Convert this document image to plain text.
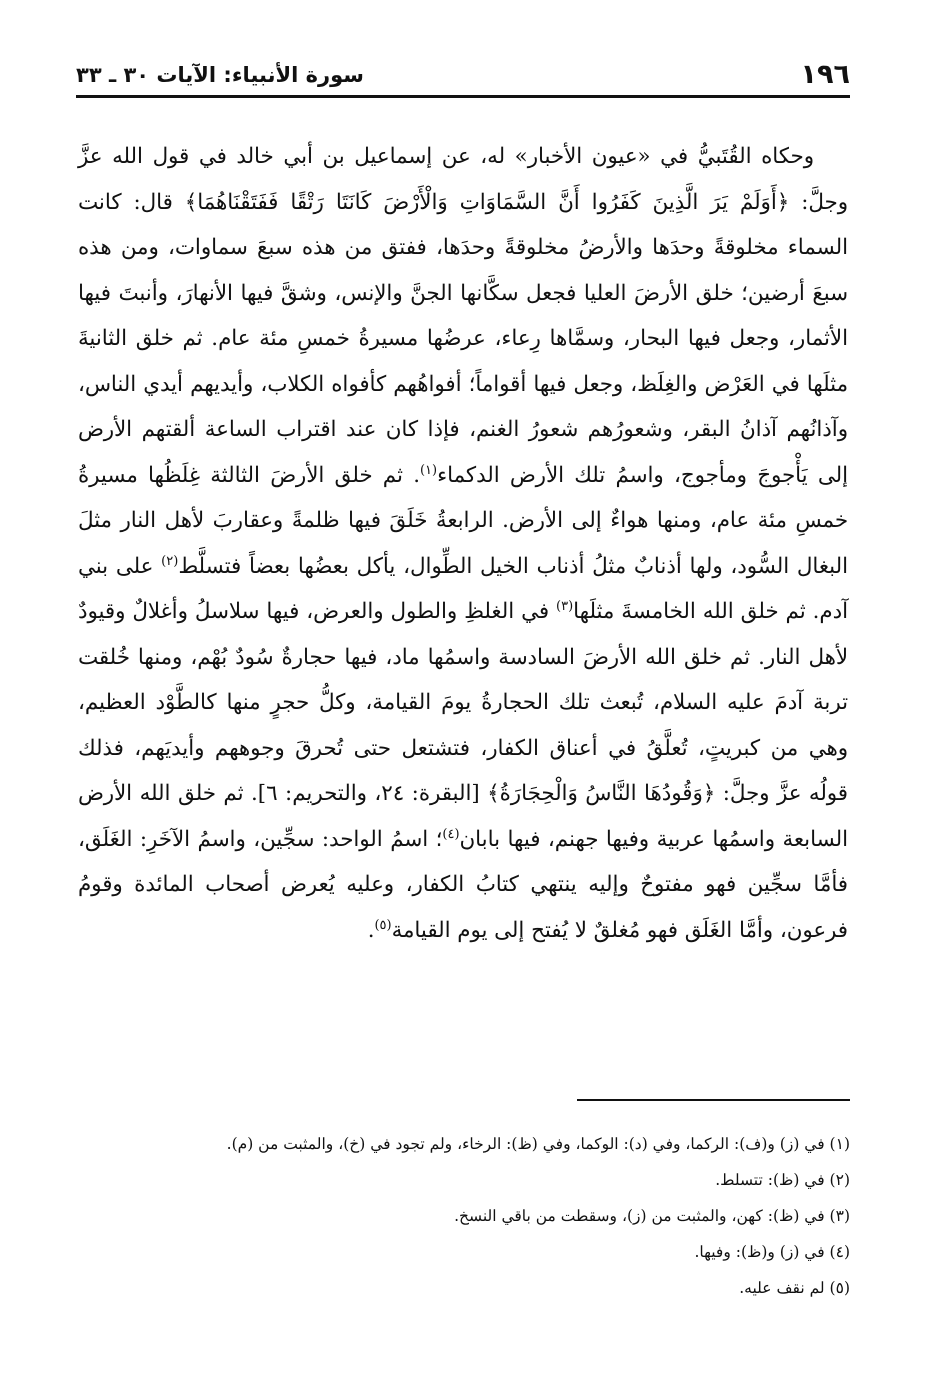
١٩٦
سورة الأنبياء: الآيات ٣٠ ـ ٣٣

وحكاه القُتَبيُّ في «عيون الأخبار» له، عن إسماعيل بن أبي خالد في قول الله عزَّ وجلَّ: ﴿أَوَلَمْ يَرَ الَّذِينَ كَفَرُوا أَنَّ السَّمَاوَاتِ وَالْأَرْضَ كَانَتَا رَتْقًا فَفَتَقْنَاهُمَا﴾ قال: كانت السماء مخلوقةً وحدَها والأرضُ مخلوقةً وحدَها، ففتق من هذه سبعَ سماوات، ومن هذه سبعَ أرضين؛ خلق الأرضَ العليا فجعل سكَّانها الجنَّ والإنس، وشقَّ فيها الأنهارَ، وأنبتَ فيها الأثمار، وجعل فيها البحار، وسمَّاها رِعاء، عرضُها مسيرةُ خمسِ مئة عام. ثم خلق الثانيةَ مثلَها في العَرْض والغِلَظ، وجعل فيها أقواماً؛ أفواهُهم كأفواه الكلاب، وأيديهم أيدي الناس، وآذانُهم آذانُ البقر، وشعورُهم شعورُ الغنم، فإذا كان عند اقتراب الساعة ألقتهم الأرض إلى يَأْجوجَ ومأجوج، واسمُ تلك الأرض الدكماء$^{(١)}$. ثم خلق الأرضَ الثالثة غِلَظُها مسيرةُ خمسِ مئة عام، ومنها هواءٌ إلى الأرض. الرابعةُ خَلَقَ فيها ظلمةً وعقاربَ لأهل النار مثلَ البغال السُّود، ولها أذنابٌ مثلُ أذناب الخيل الطِّوال، يأكل بعضُها بعضاً فتسلَّط$^{(٢)}$ على بني آدم. ثم خلق الله الخامسةَ مثلَها$^{(٣)}$ في الغلظِ والطول والعرض، فيها سلاسلُ وأغلالٌ وقيودٌ لأهل النار. ثم خلق الله الأرضَ السادسة واسمُها ماد، فيها حجارةٌ سُودٌ بُهْم، ومنها خُلقت تربة آدمَ عليه السلام، تُبعث تلك الحجارةُ يومَ القيامة، وكلُّ حجرٍ منها كالطَّوْد العظيم، وهي من كبريتٍ، تُعلَّقُ في أعناق الكفار، فتشتعل حتى تُحرقَ وجوههم وأيديَهم، فذلك قولُه عزَّ وجلَّ: ﴿وَقُودُهَا النَّاسُ وَالْحِجَارَةُ﴾ [البقرة: ٢٤، والتحريم: ٦]. ثم خلق الله الأرض السابعة واسمُها عربية وفيها جهنم، فيها بابان$^{(٤)}$؛ اسمُ الواحد: سجِّين، واسمُ الآخَرِ: الغَلَق، فأمَّا سجِّين فهو مفتوحٌ وإليه ينتهي كتابُ الكفار، وعليه يُعرض أصحاب المائدة وقومُ فرعون، وأمَّا الغَلَق فهو مُغلقٌ لا يُفتح إلى يوم القيامة$^{(٥)}$.

(١) في (ز) و(ف): الركما، وفي (د): الوكما، وفي (ظ): الرخاء، ولم تجود في (خ)، والمثبت من (م).

(٢) في (ظ): تتسلط.

(٣) في (ظ): كهن، والمثبت من (ز)، وسقطت من باقي النسخ.

(٤) في (ز) و(ظ): وفيها.

(٥) لم نقف عليه.
